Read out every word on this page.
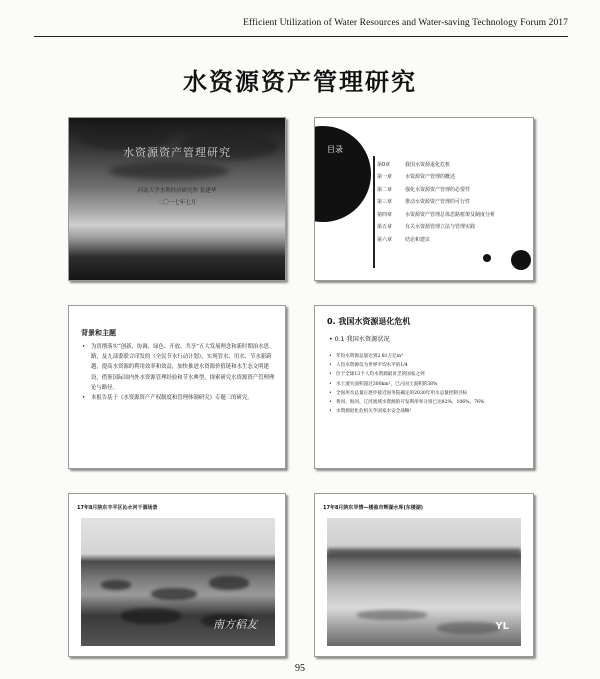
Efficient Utilization of Water Resources and Water-saving Technology Forum 2017
水资源资产管理研究
水资源资产管理研究
河南大学水利经济研究所 张建华
二〇一七年七月
目录
第0章	我国水资源退化危机
第一章	水资源资产管理的概述
第二章	强化水资源资产管理的必要性
第三章	推动水资源资产管理的可行性
第四章	水资源资产管理总体思路框架及制度分析
第五章	有关水资源管理立法与管理实践
第六章	结论和建议
背景和主题
• 为贯彻落实“创新、协调、绿色、开放、共享”五大发展理念和新时期治水思路，及九部委联合印发的《全民节水行动计划》，实现管水、用水、节水新跨越，提高水资源的利用效率和效益，加快推进水资源价值链和水生态文明建设，借鉴国际国内外水资源管理经验和节水典型，探索研究水资源资产管理理论与路径。
• 本报告基于《水资源资产产权制度和管理体制研究》专题三的研究。
0. 我国水资源退化危机
• 0.1 我国水资源状况
• 年均水资源总量达到2.81万亿m³
• 人均水资源仅为世界平均水平的1/4
• 位于全球13个人均水资源最贫乏的国家之列
• 水土流失面积超过300km²，已占国土面积的38%
• 全国用水总量正逐步接近国务院确定的2030年用水总量控制目标
• 黄河、海河、辽河流域水资源的开发利用率分别已达82%、106%、76%
• 水资源退化危机关乎国家水安全战略！
17年8月陕东丰平区沁水河干涸场景
南方稻友
17年8月陕东旱情—楼盈市辉湖水库(东楼湖)
YL
95
